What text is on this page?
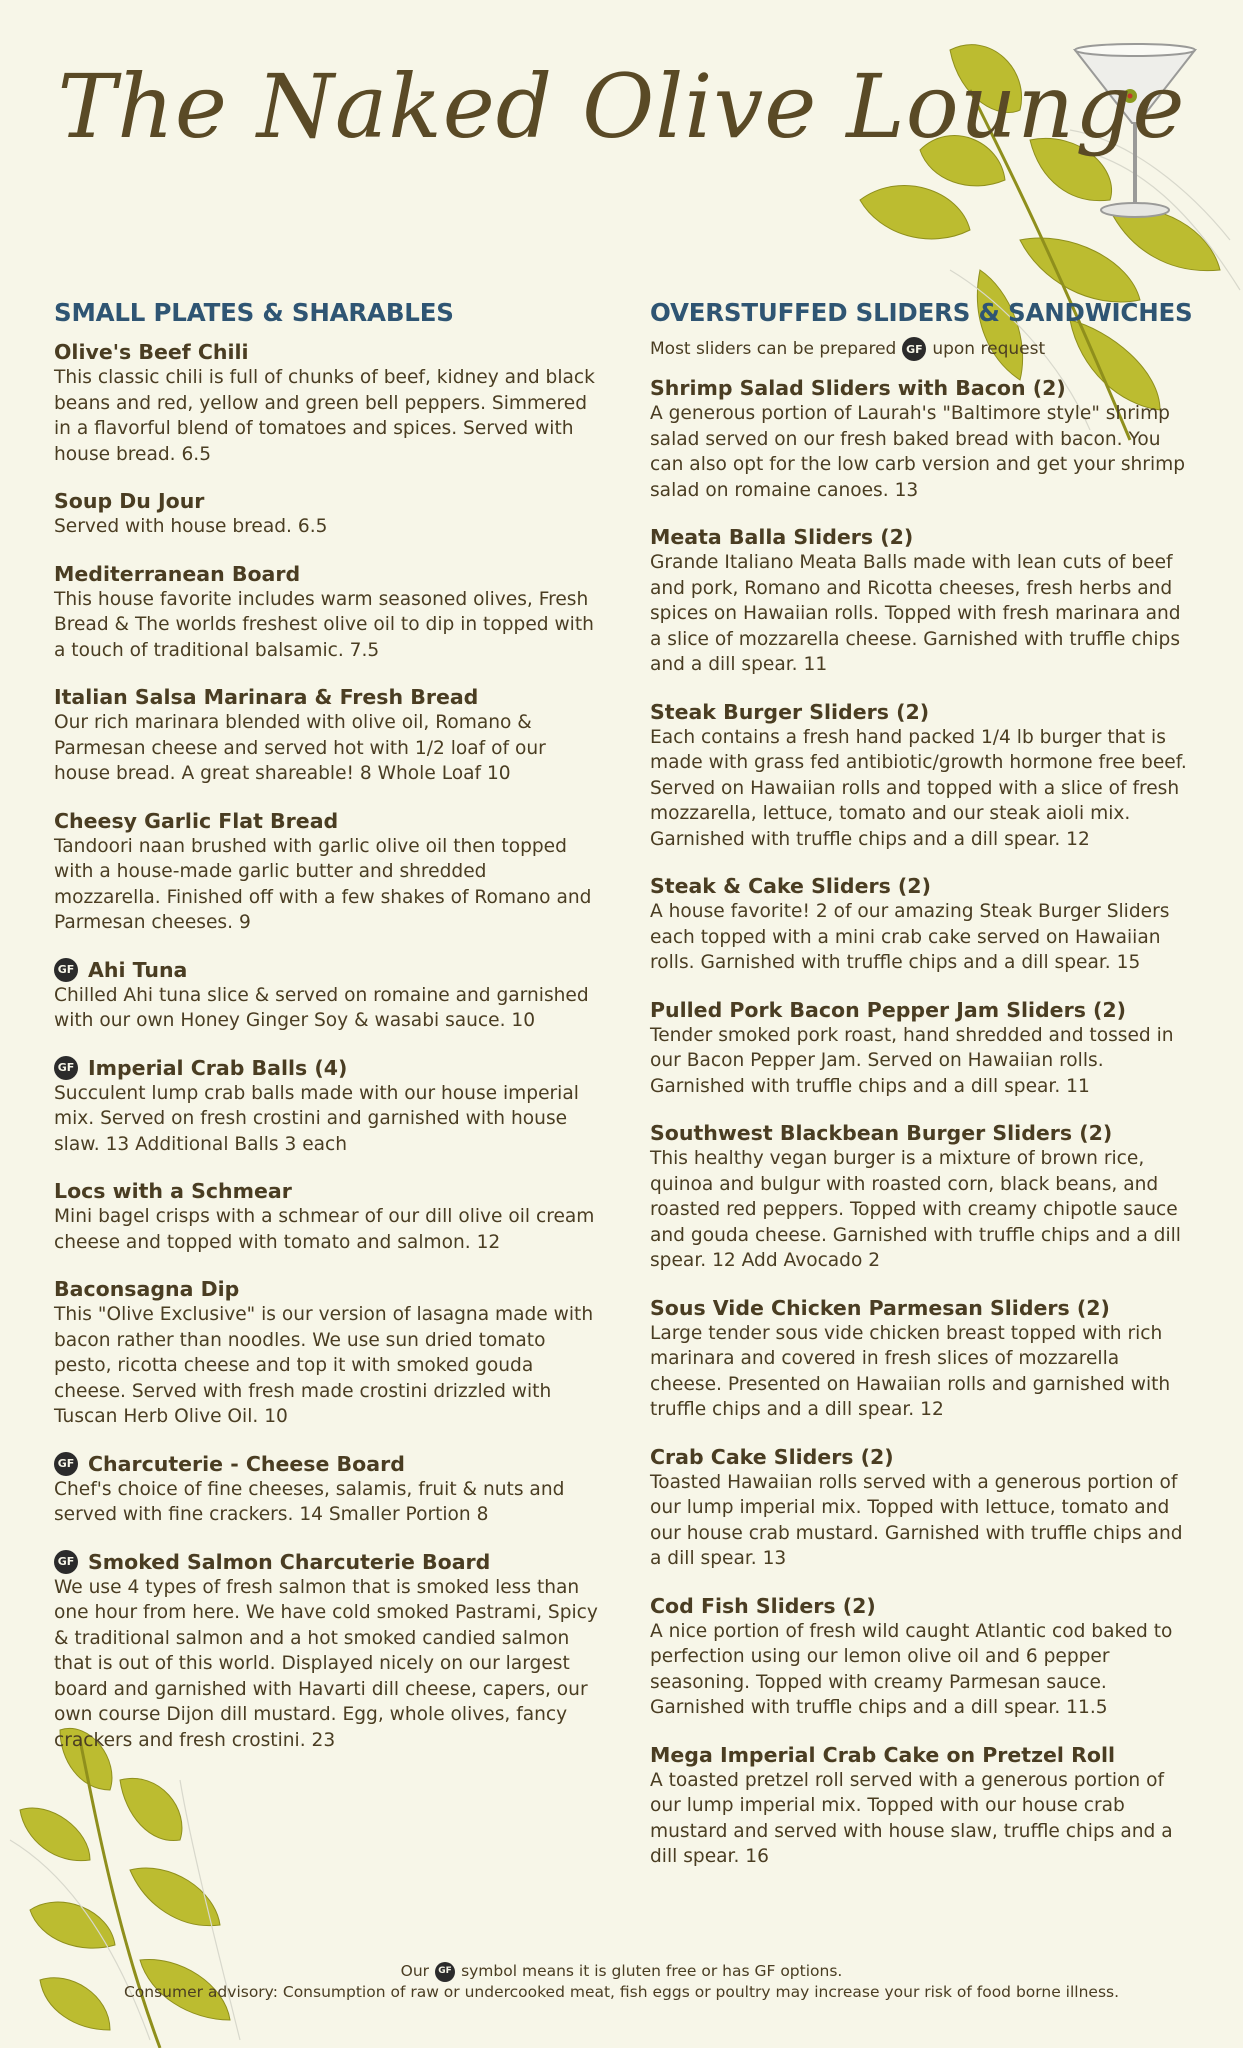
The Naked Olive Lounge
SMALL PLATES & SHARABLES
Olive's Beef Chili
This classic chili is full of chunks of beef, kidney and black beans and red, yellow and green bell peppers. Simmered in a flavorful blend of tomatoes and spices. Served with house bread. 6.5
Soup Du Jour
Served with house bread. 6.5
Mediterranean Board
This house favorite includes warm seasoned olives, Fresh Bread & The worlds freshest olive oil to dip in topped with a touch of traditional balsamic. 7.5
Italian Salsa Marinara & Fresh Bread
Our rich marinara blended with olive oil, Romano & Parmesan cheese and served hot with 1/2 loaf of our house bread. A great shareable! 8 Whole Loaf 10
Cheesy Garlic Flat Bread
Tandoori naan brushed with garlic olive oil then topped with a house-made garlic butter and shredded mozzarella. Finished off with a few shakes of Romano and Parmesan cheeses. 9
GF Ahi Tuna
Chilled Ahi tuna slice & served on romaine and garnished with our own Honey Ginger Soy & wasabi sauce. 10
GF Imperial Crab Balls (4)
Succulent lump crab balls made with our house imperial mix. Served on fresh crostini and garnished with house slaw. 13 Additional Balls 3 each
Locs with a Schmear
Mini bagel crisps with a schmear of our dill olive oil cream cheese and topped with tomato and salmon. 12
Baconsagna Dip
This "Olive Exclusive" is our version of lasagna made with bacon rather than noodles. We use sun dried tomato pesto, ricotta cheese and top it with smoked gouda cheese. Served with fresh made crostini drizzled with Tuscan Herb Olive Oil. 10
GF Charcuterie - Cheese Board
Chef's choice of fine cheeses, salamis, fruit & nuts and served with fine crackers. 14 Smaller Portion 8
GF Smoked Salmon Charcuterie Board
We use 4 types of fresh salmon that is smoked less than one hour from here. We have cold smoked Pastrami, Spicy & traditional salmon and a hot smoked candied salmon that is out of this world. Displayed nicely on our largest board and garnished with Havarti dill cheese, capers, our own course Dijon dill mustard. Egg, whole olives, fancy crackers and fresh crostini. 23
OVERSTUFFED SLIDERS & SANDWICHES
Most sliders can be prepared GF upon request
Shrimp Salad Sliders with Bacon (2)
A generous portion of Laurah's "Baltimore style" shrimp salad served on our fresh baked bread with bacon. You can also opt for the low carb version and get your shrimp salad on romaine canoes. 13
Meata Balla Sliders (2)
Grande Italiano Meata Balls made with lean cuts of beef and pork, Romano and Ricotta cheeses, fresh herbs and spices on Hawaiian rolls. Topped with fresh marinara and a slice of mozzarella cheese. Garnished with truffle chips and a dill spear. 11
Steak Burger Sliders (2)
Each contains a fresh hand packed 1/4 lb burger that is made with grass fed antibiotic/growth hormone free beef. Served on Hawaiian rolls and topped with a slice of fresh mozzarella, lettuce, tomato and our steak aioli mix. Garnished with truffle chips and a dill spear. 12
Steak & Cake Sliders (2)
A house favorite! 2 of our amazing Steak Burger Sliders each topped with a mini crab cake served on Hawaiian rolls. Garnished with truffle chips and a dill spear. 15
Pulled Pork Bacon Pepper Jam Sliders (2)
Tender smoked pork roast, hand shredded and tossed in our Bacon Pepper Jam. Served on Hawaiian rolls. Garnished with truffle chips and a dill spear. 11
Southwest Blackbean Burger Sliders (2)
This healthy vegan burger is a mixture of brown rice, quinoa and bulgur with roasted corn, black beans, and roasted red peppers. Topped with creamy chipotle sauce and gouda cheese. Garnished with truffle chips and a dill spear. 12 Add Avocado 2
Sous Vide Chicken Parmesan Sliders (2)
Large tender sous vide chicken breast topped with rich marinara and covered in fresh slices of mozzarella cheese. Presented on Hawaiian rolls and garnished with truffle chips and a dill spear. 12
Crab Cake Sliders (2)
Toasted Hawaiian rolls served with a generous portion of our lump imperial mix. Topped with lettuce, tomato and our house crab mustard. Garnished with truffle chips and a dill spear. 13
Cod Fish Sliders (2)
A nice portion of fresh wild caught Atlantic cod baked to perfection using our lemon olive oil and 6 pepper seasoning. Topped with creamy Parmesan sauce. Garnished with truffle chips and a dill spear. 11.5
Mega Imperial Crab Cake on Pretzel Roll
A toasted pretzel roll served with a generous portion of our lump imperial mix. Topped with our house crab mustard and served with house slaw, truffle chips and a dill spear. 16
Our	GF symbol means it is gluten free or has GF options.
Consumer advisory: Consumption of raw or undercooked meat, fish eggs or poultry may increase your risk of food borne illness.
